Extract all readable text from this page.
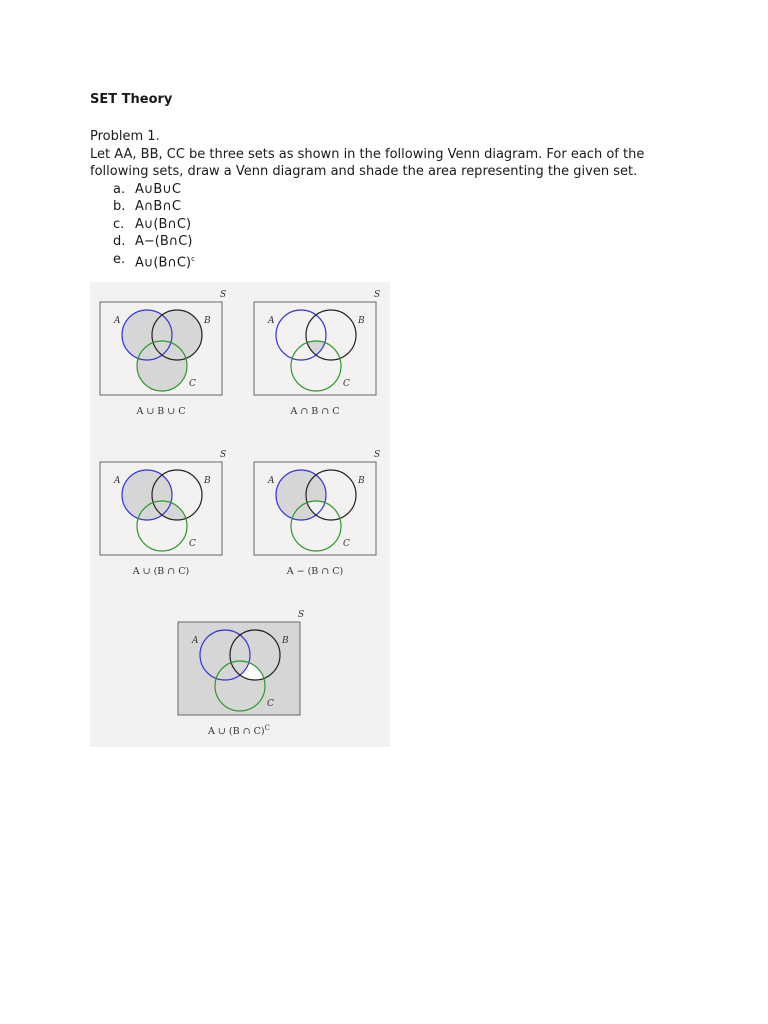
SET Theory

Problem 1.

Let AA, BB, CC be three sets as shown in the following Venn diagram. For each of the following sets, draw a Venn diagram and shade the area representing the given set.

a. A∪B∪C
b. A∩B∩C
c. A∪(B∩C)
d. A−(B∩C)
e. A∪(B∩C)$^c$
S
A	B
C
A ∪ B ∪ C
S
A	B
C
A ∩ B ∩ C
S
A	B
C
A ∪ (B ∩ C)
S
A	B
C
A − (B ∩ C)
S
A	B
C
A ∪ (B ∩ C)$^C$
